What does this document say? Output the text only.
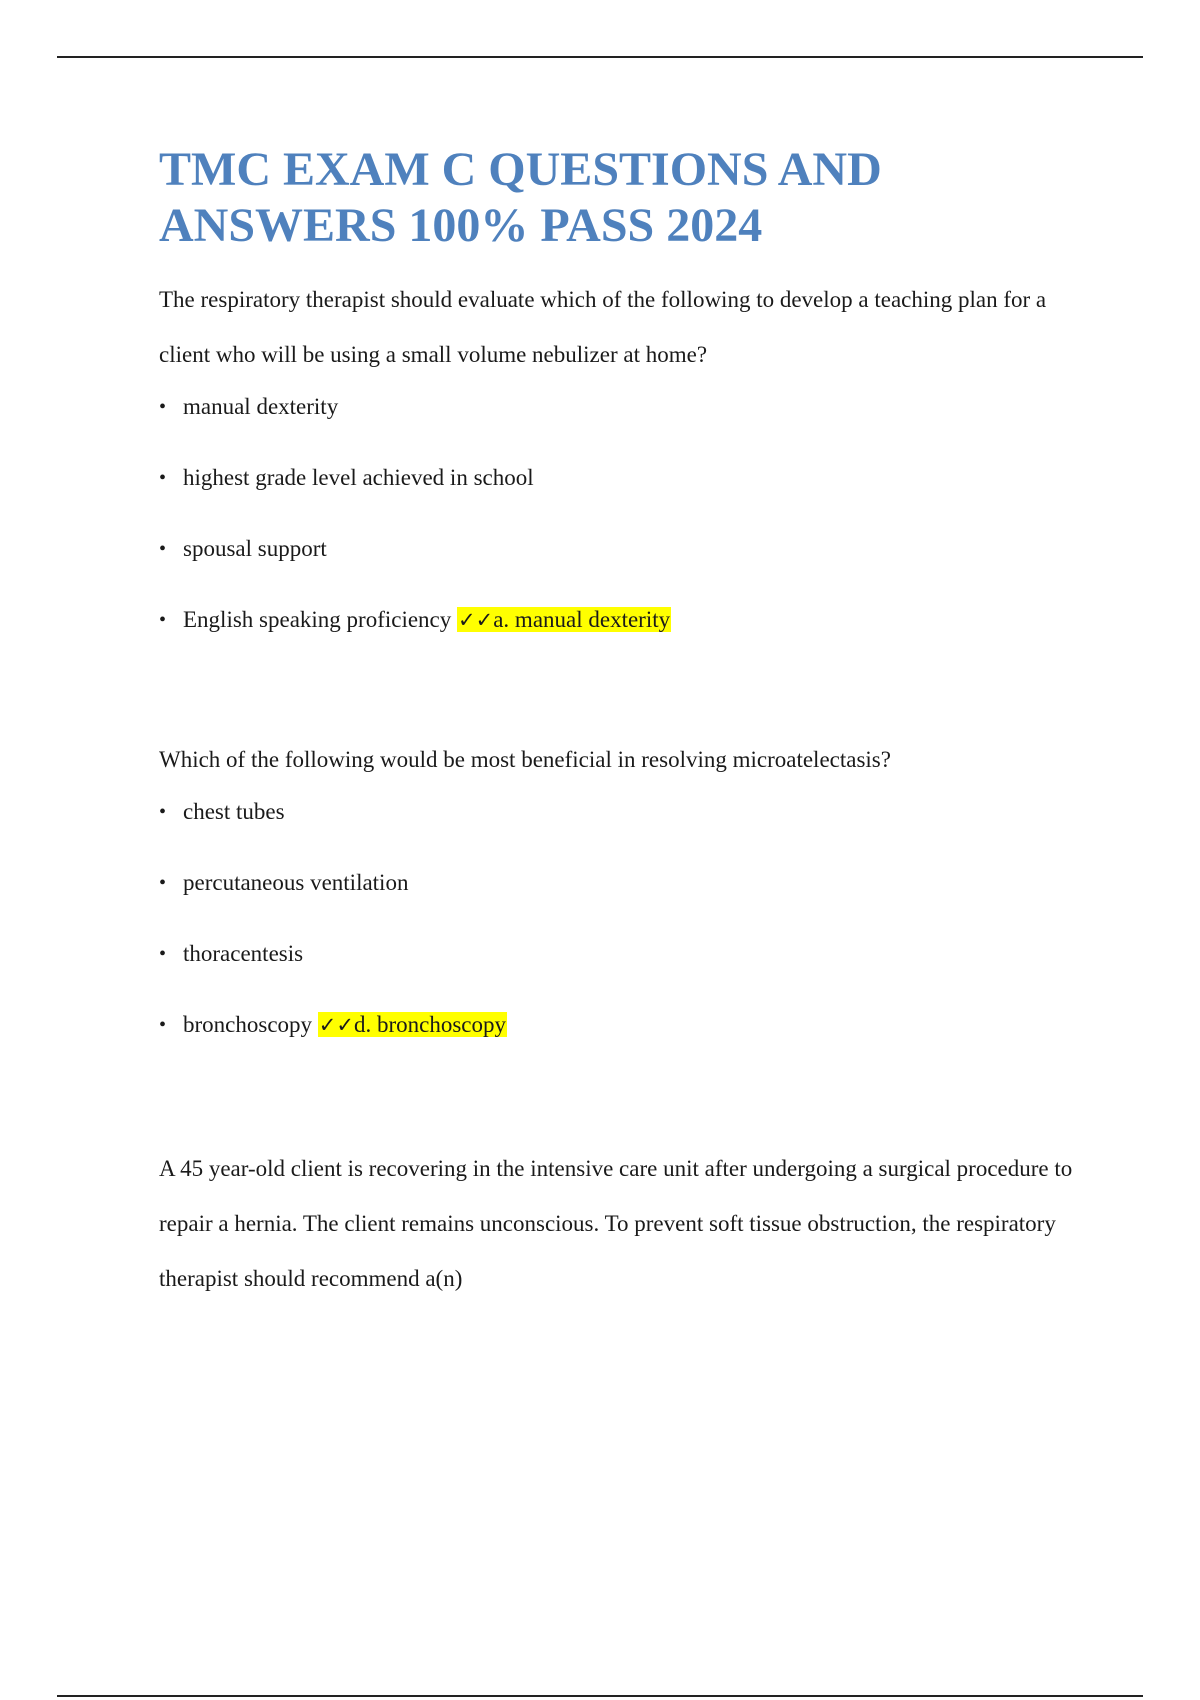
TMC EXAM C QUESTIONS AND ANSWERS 100% PASS 2024

The respiratory therapist should evaluate which of the following to develop a teaching plan for a client who will be using a small volume nebulizer at home?

• manual dexterity
• highest grade level achieved in school
• spousal support
• English speaking proficiency ✓✓a. manual dexterity

Which of the following would be most beneficial in resolving microatelectasis?

• chest tubes
• percutaneous ventilation
• thoracentesis
• bronchoscopy ✓✓d. bronchoscopy

A 45 year-old client is recovering in the intensive care unit after undergoing a surgical procedure to repair a hernia. The client remains unconscious. To prevent soft tissue obstruction, the respiratory therapist should recommend a(n)
